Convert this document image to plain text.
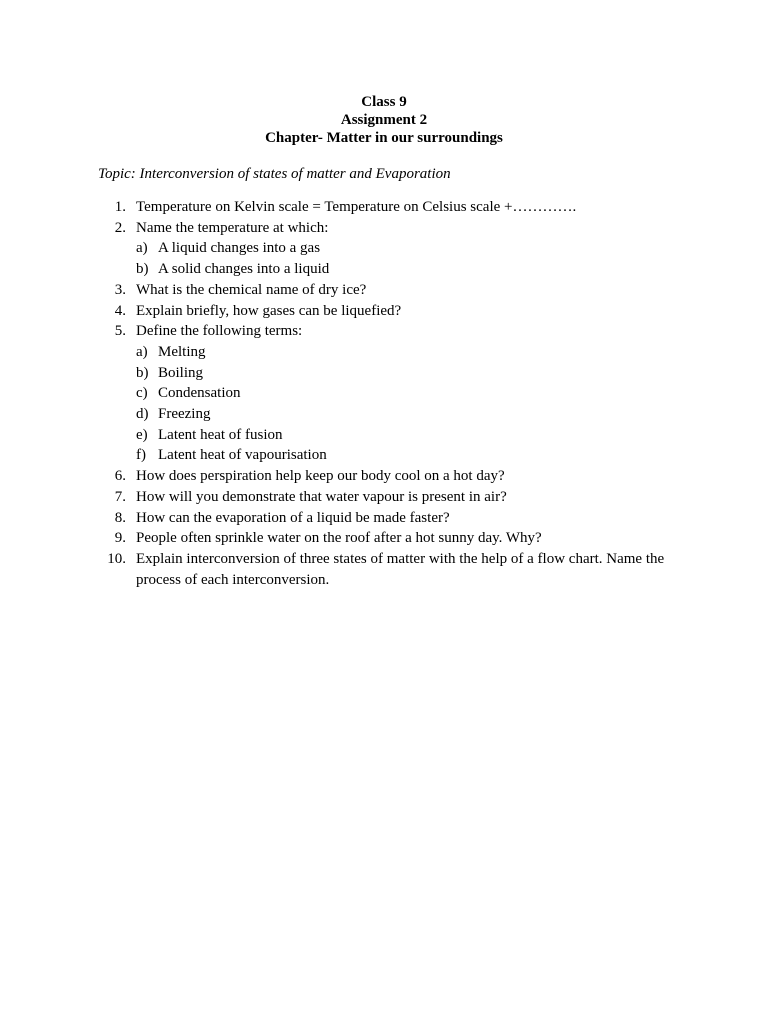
Class 9
Assignment 2
Chapter- Matter in our surroundings
Topic: Interconversion of states of matter and Evaporation
1. Temperature on Kelvin scale = Temperature on Celsius scale +………….
2. Name the temperature at which:
a) A liquid changes into a gas
b) A solid changes into a liquid
3. What is the chemical name of dry ice?
4. Explain briefly, how gases can be liquefied?
5. Define the following terms:
a) Melting
b) Boiling
c) Condensation
d) Freezing
e) Latent heat of fusion
f) Latent heat of vapourisation
6. How does perspiration help keep our body cool on a hot day?
7. How will you demonstrate that water vapour is present in air?
8. How can the evaporation of a liquid be made faster?
9. People often sprinkle water on the roof after a hot sunny day. Why?
10. Explain interconversion of three states of matter with the help of a flow chart. Name the process of each interconversion.
